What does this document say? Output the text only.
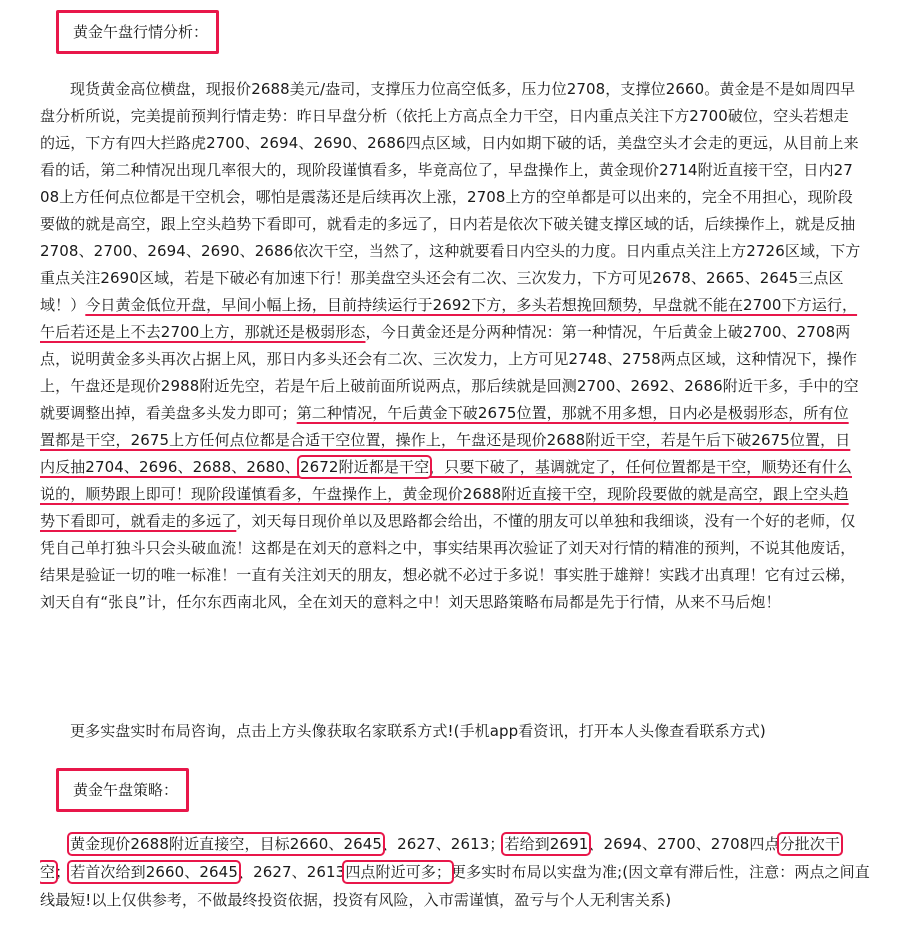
黄金午盘行情分析：

现货黄金高位横盘，现报价2688美元/盎司，支撑压力位高空低多，压力位2708，支撑位2660。黄金是不是如周四早盘分析所说，完美提前预判行情走势：昨日早盘分析（依托上方高点全力干空，日内重点关注下方2700破位，空头若想走的远，下方有四大拦路虎2700、2694、2690、2686四点区域，日内如期下破的话，美盘空头才会走的更远，从目前上来看的话，第二种情况出现几率很大的，现阶段谨慎看多，毕竟高位了，早盘操作上，黄金现价2714附近直接干空，日内2708上方任何点位都是干空机会，哪怕是震荡还是后续再次上涨，2708上方的空单都是可以出来的，完全不用担心，现阶段要做的就是高空，跟上空头趋势下看即可，就看走的多远了，日内若是依次下破关键支撑区域的话，后续操作上，就是反抽2708、2700、2694、2690、2686依次干空，当然了，这种就要看日内空头的力度。日内重点关注上方2726区域，下方重点关注2690区域，若是下破必有加速下行！那美盘空头还会有二次、三次发力，下方可见2678、2665、2645三点区域！）今日黄金低位开盘，早间小幅上扬，目前持续运行于2692下方，多头若想挽回颓势，早盘就不能在2700下方运行，午后若还是上不去2700上方，那就还是极弱形态，今日黄金还是分两种情况：第一种情况，午后黄金上破2700、2708两点，说明黄金多头再次占据上风，那日内多头还会有二次、三次发力，上方可见2748、2758两点区域，这种情况下，操作上，午盘还是现价2988附近先空，若是午后上破前面所说两点，那后续就是回测2700、2692、2686附近干多，手中的空就要调整出掉，看美盘多头发力即可；第二种情况，午后黄金下破2675位置，那就不用多想，日内必是极弱形态，所有位置都是干空，2675上方任何点位都是合适干空位置，操作上，午盘还是现价2688附近干空，若是午后下破2675位置，日内反抽2704、2696、2688、2680、2672附近都是干空，只要下破了，基调就定了，任何位置都是干空，顺势还有什么说的，顺势跟上即可！现阶段谨慎看多，午盘操作上，黄金现价2688附近直接干空，现阶段要做的就是高空，跟上空头趋势下看即可，就看走的多远了，刘天每日现价单以及思路都会给出，不懂的朋友可以单独和我细谈，没有一个好的老师，仅凭自己单打独斗只会头破血流！这都是在刘天的意料之中，事实结果再次验证了刘天对行情的精准的预判，不说其他废话，结果是验证一切的唯一标准！一直有关注刘天的朋友，想必就不必过于多说！事实胜于雄辩！实践才出真理！它有过云梯，刘天自有“张良”计，任尔东西南北风，全在刘天的意料之中！刘天思路策略布局都是先于行情，从来不马后炮！

更多实盘实时布局咨询，点击上方头像获取名家联系方式!(手机app看资讯，打开本人头像查看联系方式)

黄金午盘策略：

黄金现价2688附近直接空，目标2660、2645、2627、2613；若给到2691、2694、2700、2708四点分批次干空；若首次给到2660、2645、2627、2613四点附近可多；更多实时布局以实盘为准;(因文章有滞后性，注意：两点之间直线最短!以上仅供参考，不做最终投资依据，投资有风险，入市需谨慎，盈亏与个人无利害关系)
